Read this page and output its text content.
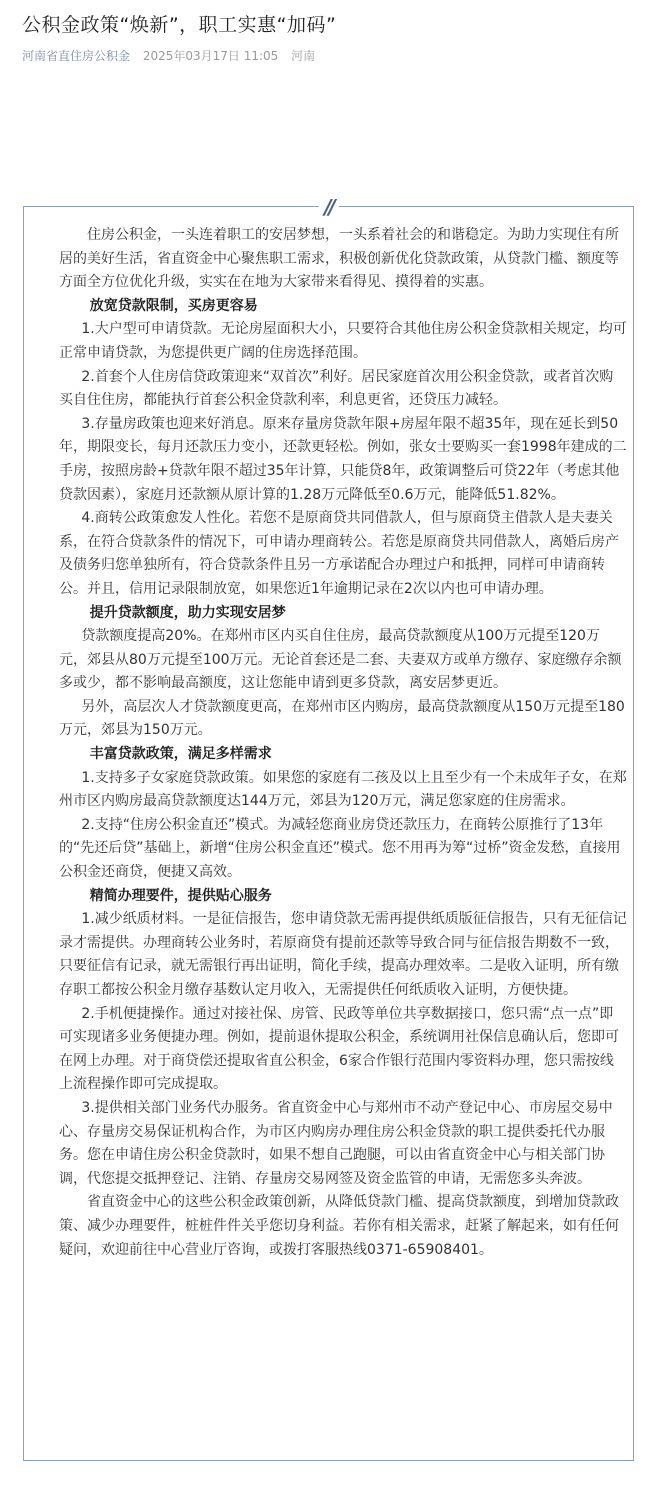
公积金政策“焕新”，职工实惠“加码”
河南省直住房公积金 2025年03月17日 11:05 河南
//

住房公积金，一头连着职工的安居梦想，一头系着社会的和谐稳定。为助力实现住有所居的美好生活，省直资金中心聚焦职工需求，积极创新优化贷款政策，从贷款门槛、额度等方面全方位优化升级，实实在在地为大家带来看得见、摸得着的实惠。

放宽贷款限制，买房更容易

1.大户型可申请贷款。无论房屋面积大小，只要符合其他住房公积金贷款相关规定，均可正常申请贷款，为您提供更广阔的住房选择范围。

2.首套个人住房信贷政策迎来“双首次”利好。居民家庭首次用公积金贷款，或者首次购买自住住房，都能执行首套公积金贷款利率，利息更省，还贷压力减轻。

3.存量房政策也迎来好消息。原来存量房贷款年限+房屋年限不超35年，现在延长到50年，期限变长，每月还款压力变小，还款更轻松。例如，张女士要购买一套1998年建成的二手房，按照房龄+贷款年限不超过35年计算，只能贷8年，政策调整后可贷22年（考虑其他贷款因素），家庭月还款额从原计算的1.28万元降低至0.6万元，能降低51.82%。

4.商转公政策愈发人性化。若您不是原商贷共同借款人，但与原商贷主借款人是夫妻关系，在符合贷款条件的情况下，可申请办理商转公。若您是原商贷共同借款人，离婚后房产及债务归您单独所有，符合贷款条件且另一方承诺配合办理过户和抵押，同样可申请商转公。并且，信用记录限制放宽，如果您近1年逾期记录在2次以内也可申请办理。

提升贷款额度，助力实现安居梦

贷款额度提高20%。在郑州市区内买自住住房，最高贷款额度从100万元提至120万元，郊县从80万元提至100万元。无论首套还是二套、夫妻双方或单方缴存、家庭缴存余额多或少，都不影响最高额度，这让您能申请到更多贷款，离安居梦更近。

另外，高层次人才贷款额度更高，在郑州市区内购房，最高贷款额度从150万元提至180万元，郊县为150万元。

丰富贷款政策，满足多样需求

1.支持多子女家庭贷款政策。如果您的家庭有二孩及以上且至少有一个未成年子女，在郑州市区内购房最高贷款额度达144万元，郊县为120万元，满足您家庭的住房需求。

2.支持“住房公积金直还”模式。为减轻您商业房贷还款压力，在商转公原推行了13年的“先还后贷”基础上，新增“住房公积金直还”模式。您不用再为筹“过桥”资金发愁，直接用公积金还商贷，便捷又高效。

精简办理要件，提供贴心服务

1.减少纸质材料。一是征信报告，您申请贷款无需再提供纸质版征信报告，只有无征信记录才需提供。办理商转公业务时，若原商贷有提前还款等导致合同与征信报告期数不一致，只要征信有记录，就无需银行再出证明，简化手续，提高办理效率。二是收入证明，所有缴存职工都按公积金月缴存基数认定月收入，无需提供任何纸质收入证明，方便快捷。

2.手机便捷操作。通过对接社保、房管、民政等单位共享数据接口，您只需“点一点”即可实现诸多业务便捷办理。例如，提前退休提取公积金，系统调用社保信息确认后，您即可在网上办理。对于商贷偿还提取省直公积金，6家合作银行范围内零资料办理，您只需按线上流程操作即可完成提取。

3.提供相关部门业务代办服务。省直资金中心与郑州市不动产登记中心、市房屋交易中心、存量房交易保证机构合作，为市区内购房办理住房公积金贷款的职工提供委托代办服务。您在申请住房公积金贷款时，如果不想自己跑腿，可以由省直资金中心与相关部门协调，代您提交抵押登记、注销、存量房交易网签及资金监管的申请，无需您多头奔波。

省直资金中心的这些公积金政策创新，从降低贷款门槛、提高贷款额度，到增加贷款政策、减少办理要件，桩桩件件关乎您切身利益。若你有相关需求，赶紧了解起来，如有任何疑问，欢迎前往中心营业厅咨询，或拨打客服热线0371-65908401。
